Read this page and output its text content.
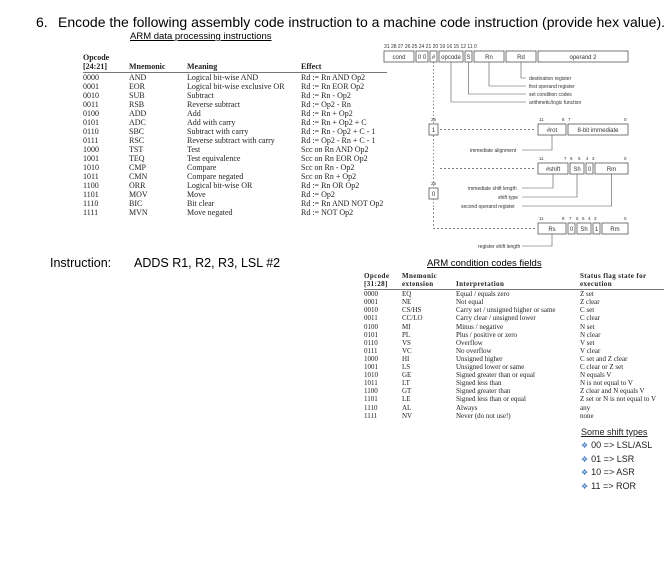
6. Encode the following assembly code instruction to a machine code instruction (provide hex value).
ARM data processing instructions
Opcode [24:21]	Mnemonic	Meaning	Effect
0000	AND	Logical bit-wise AND	Rd := Rn AND Op2
0001	EOR	Logical bit-wise exclusive OR	Rd := Rn EOR Op2
0010	SUB	Subtract	Rd := Rn - Op2
0011	RSB	Reverse subtract	Rd := Op2 - Rn
0100	ADD	Add	Rd := Rn + Op2
0101	ADC	Add with carry	Rd := Rn + Op2 + C
0110	SBC	Subtract with carry	Rd := Rn - Op2 + C - 1
0111	RSC	Reverse subtract with carry	Rd := Op2 - Rn + C - 1
1000	TST	Test	Scc on Rn AND Op2
1001	TEQ	Test equivalence	Scc on Rn EOR Op2
1010	CMP	Compare	Scc on Rn - Op2
1011	CMN	Compare negated	Scc on Rn + Op2
1100	ORR	Logical bit-wise OR	Rd := Rn OR Op2
1101	MOV	Move	Rd := Op2
1110	BIC	Bit clear	Rd := Rn AND NOT Op2
1111	MVN	Move negated	Rd := NOT Op2
31 28 27 26 25 24 21 20 19 16 15 12 11 0
cond 0 0 # opcode S Rn	Rd	operand 2
destination register
first operand register
set condition codes
arithmetic/logic function
25	11	8 7	0
1	#rot	8-bit immediate
immediate alignment
11	7 6 5 4 3	0
#shift Sh 0	Rm
immediate shift length
shift type
second operand register
25
0
11	8 7 6 5 4 3	0
Rs 0 Sh 1 Rm
register shift length
Instruction: ADDS R1, R2, R3, LSL #2	ARM condition codes fields
Opcode [31:28]	Mnemonic extension	Interpretation	Status flag state for execution
0000	EQ	Equal / equals zero	Z set
0001	NE	Not equal	Z clear
0010	CS/HS	Carry set / unsigned higher or same	C set
0011	CC/LO	Carry clear / unsigned lower	C clear
0100	MI	Minus / negative	N set
0101	PL	Plus / positive or zero	N clear
0110	VS	Overflow	V set
0111	VC	No overflow	V clear
1000	HI	Unsigned higher	C set and Z clear
1001	LS	Unsigned lower or same	C clear or Z set
1010	GE	Signed greater than or equal	N equals V
1011	LT	Signed less than	N is not equal to V
1100	GT	Signed greater than	Z clear and N equals V
1101	LE	Signed less than or equal	Z set or N is not equal to V
1110	AL	Always	any
1111	NV	Never (do not use!)	none
Some shift types
❖ 00 => LSL/ASL
❖ 01 => LSR
❖ 10 => ASR
❖ 11 => ROR
